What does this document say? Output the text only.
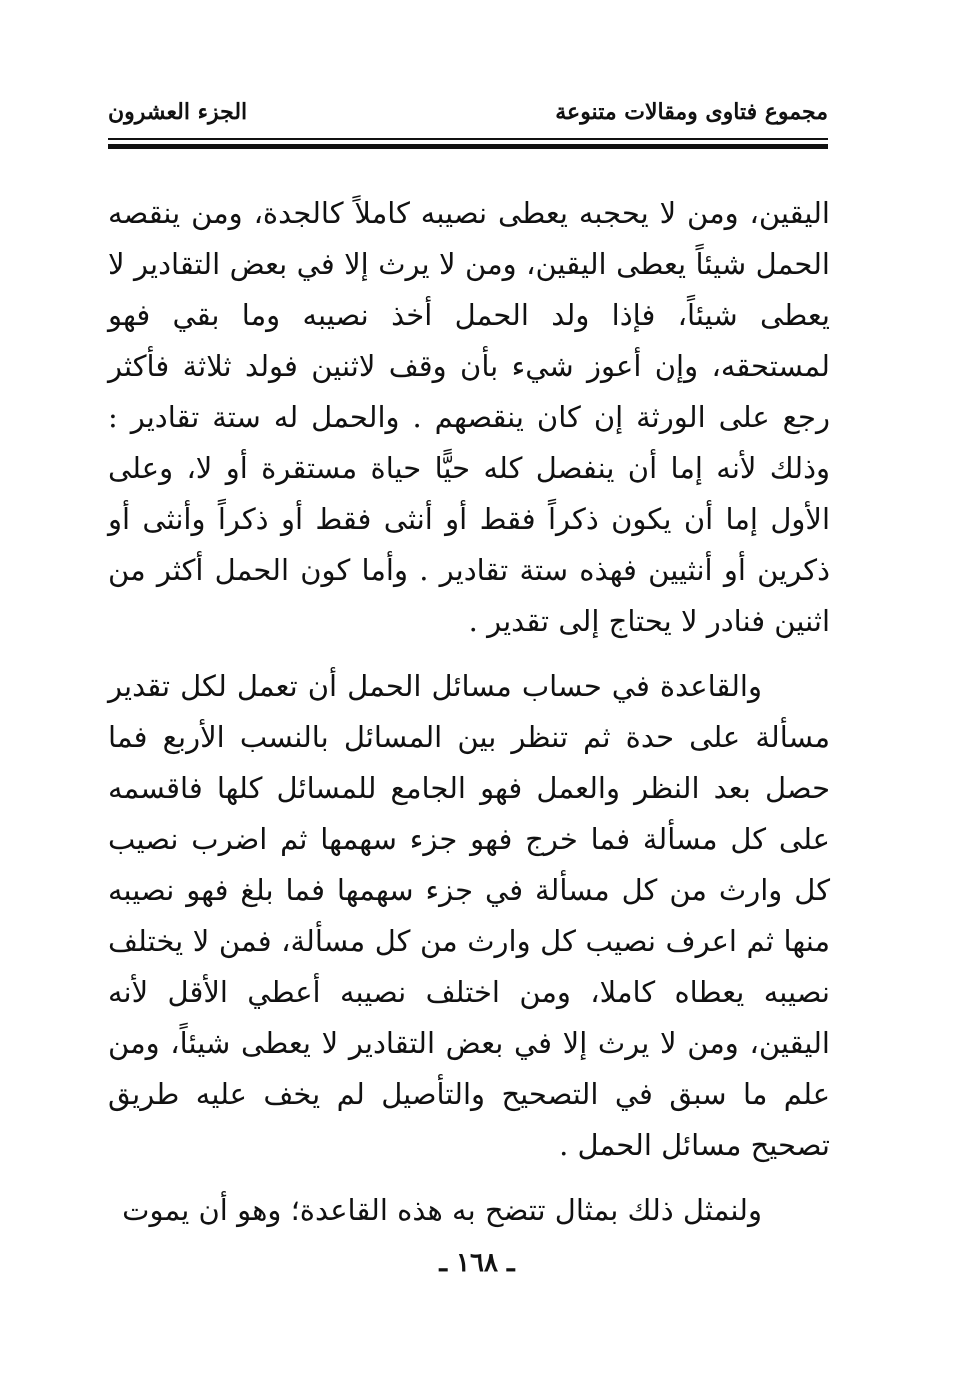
مجموع فتاوى ومقالات متنوعة
الجزء العشرون

اليقين، ومن لا يحجبه يعطى نصيبه كاملاً كالجدة، ومن ينقصه الحمل شيئاً يعطى اليقين، ومن لا يرث إلا في بعض التقادير لا يعطى شيئاً، فإذا ولد الحمل أخذ نصيبه وما بقي فهو لمستحقه، وإن أعوز شيء بأن وقف لاثنين فولد ثلاثة فأكثر رجع على الورثة إن كان ينقصهم . والحمل له ستة تقادير : وذلك لأنه إما أن ينفصل كله حيًّا حياة مستقرة أو لا، وعلى الأول إما أن يكون ذكراً فقط أو أنثى فقط أو ذكراً وأنثى أو ذكرين أو أنثيين فهذه ستة تقادير . وأما كون الحمل أكثر من اثنين فنادر لا يحتاج إلى تقدير .

والقاعدة في حساب مسائل الحمل أن تعمل لكل تقدير مسألة على حدة ثم تنظر بين المسائل بالنسب الأربع فما حصل بعد النظر والعمل فهو الجامع للمسائل كلها فاقسمه على كل مسألة فما خرج فهو جزء سهمها ثم اضرب نصيب كل وارث من كل مسألة في جزء سهمها فما بلغ فهو نصيبه منها ثم اعرف نصيب كل وارث من كل مسألة، فمن لا يختلف نصيبه يعطاه كاملا، ومن اختلف نصيبه أعطي الأقل لأنه اليقين، ومن لا يرث إلا في بعض التقادير لا يعطى شيئاً، ومن علم ما سبق في التصحيح والتأصيل لم يخف عليه طريق تصحيح مسائل الحمل .

ولنمثل ذلك بمثال تتضح به هذه القاعدة؛ وهو أن يموت

ـ ١٦٨ ـ
